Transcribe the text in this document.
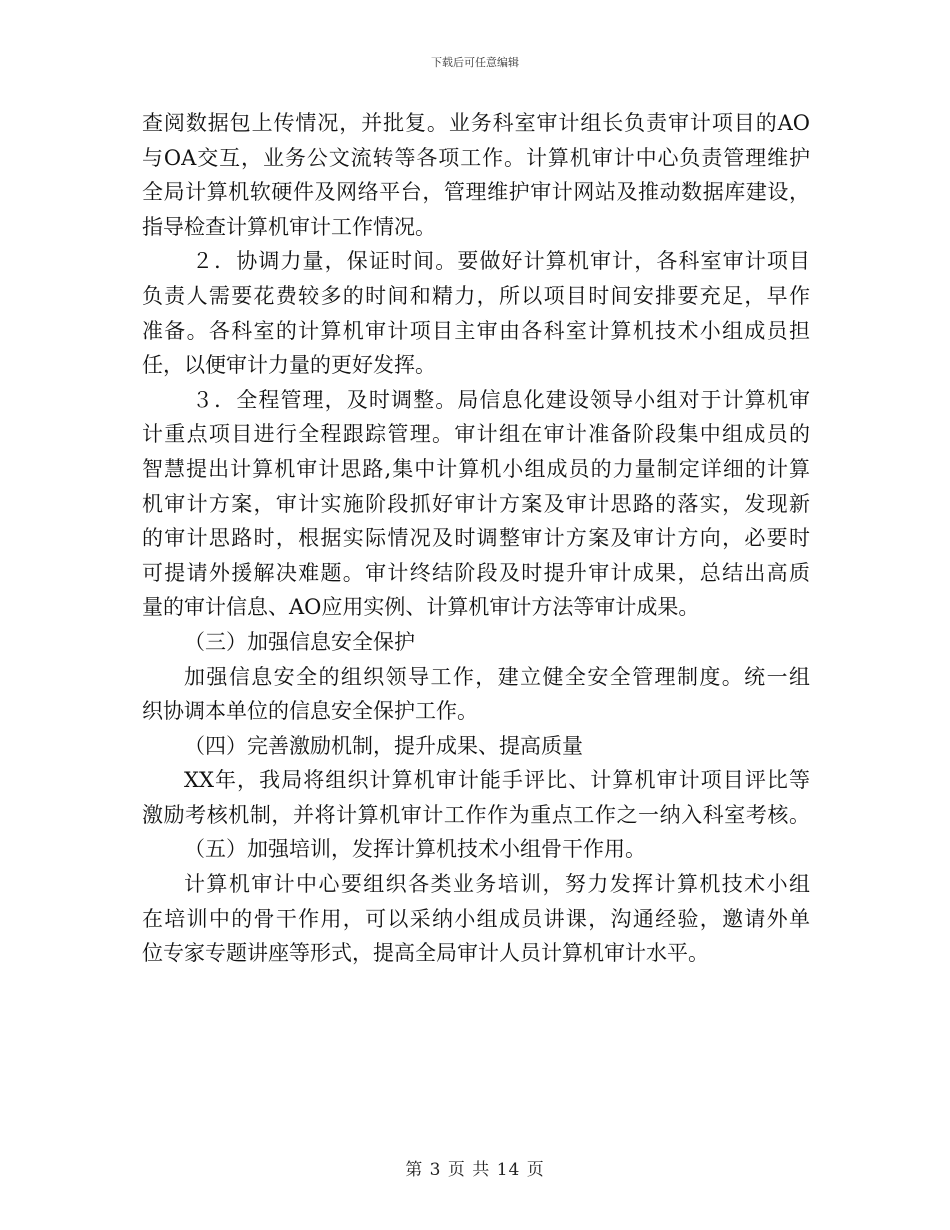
下载后可任意编辑
查阅数据包上传情况，并批复。业务科室审计组长负责审计项目的AO
与OA交互，业务公文流转等各项工作。计算机审计中心负责管理维护
全局计算机软硬件及网络平台，管理维护审计网站及推动数据库建设，
指导检查计算机审计工作情况。
２．协调力量，保证时间。要做好计算机审计，各科室审计项目
负责人需要花费较多的时间和精力，所以项目时间安排要充足，早作
准备。各科室的计算机审计项目主审由各科室计算机技术小组成员担
任，以便审计力量的更好发挥。
３．全程管理，及时调整。局信息化建设领导小组对于计算机审
计重点项目进行全程跟踪管理。审计组在审计准备阶段集中组成员的
智慧提出计算机审计思路,集中计算机小组成员的力量制定详细的计算
机审计方案，审计实施阶段抓好审计方案及审计思路的落实，发现新
的审计思路时，根据实际情况及时调整审计方案及审计方向，必要时
可提请外援解决难题。审计终结阶段及时提升审计成果，总结出高质
量的审计信息、AO应用实例、计算机审计方法等审计成果。
（三）加强信息安全保护
加强信息安全的组织领导工作，建立健全安全管理制度。统一组
织协调本单位的信息安全保护工作。
（四）完善激励机制，提升成果、提高质量
XX年，我局将组织计算机审计能手评比、计算机审计项目评比等
激励考核机制，并将计算机审计工作作为重点工作之一纳入科室考核。
（五）加强培训，发挥计算机技术小组骨干作用。
计算机审计中心要组织各类业务培训，努力发挥计算机技术小组
在培训中的骨干作用，可以采纳小组成员讲课，沟通经验，邀请外单
位专家专题讲座等形式，提高全局审计人员计算机审计水平。
第 3 页 共 14 页
